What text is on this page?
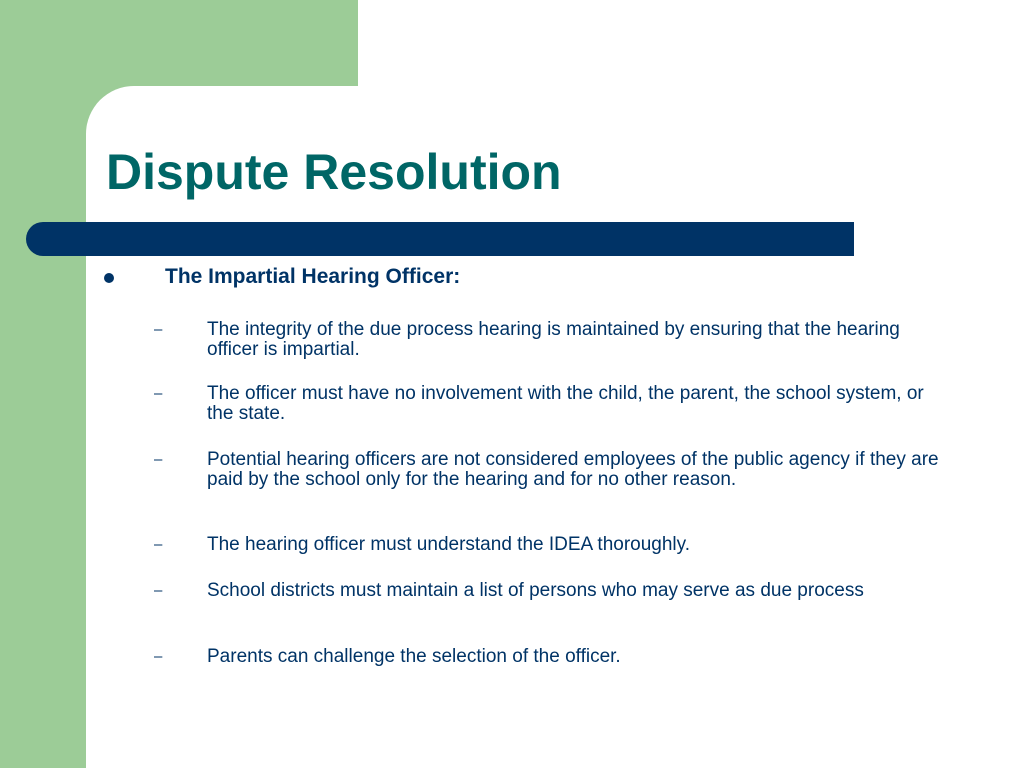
Dispute Resolution
The Impartial Hearing Officer:
– The integrity of the due process hearing is maintained by ensuring that the hearing officer is impartial.
– The officer must have no involvement with the child, the parent, the school system, or the state.
– Potential hearing officers are not considered employees of the public agency if they are paid by the school only for the hearing and for no other reason.
– The hearing officer must understand the IDEA thoroughly.
– School districts must maintain a list of persons who may serve as due process
– Parents can challenge the selection of the officer.
